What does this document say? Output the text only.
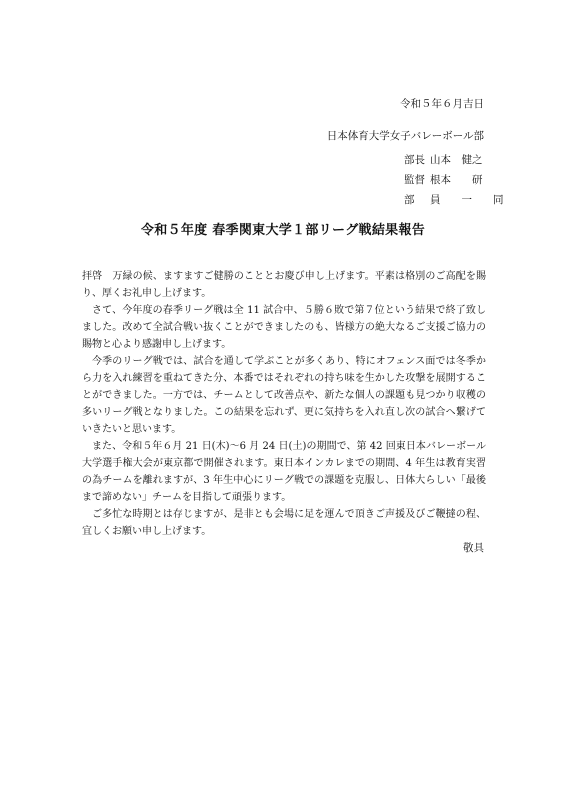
令和５年６月吉日
日本体育大学女子バレーボール部
部長 山本　健之
監督 根本　　研
部	員　　一　　同
令和５年度 春季関東大学１部リーグ戦結果報告

拝啓　万緑の候、ますますご健勝のこととお慶び申し上げます。平素は格別のご高配を賜り、厚くお礼申し上げます。

さて、今年度の春季リーグ戦は全 11 試合中、５勝６敗で第７位という結果で終了致しました。改めて全試合戦い抜くことができましたのも、皆様方の絶大なるご支援ご協力の賜物と心より感謝申し上げます。

今季のリーグ戦では、試合を通して学ぶことが多くあり、特にオフェンス面では冬季から力を入れ練習を重ねてきた分、本番ではそれぞれの持ち味を生かした攻撃を展開することができました。一方では、チームとして改善点や、新たな個人の課題も見つかり収穫の多いリーグ戦となりました。この結果を忘れず、更に気持ちを入れ直し次の試合へ繋げていきたいと思います。

また、令和５年６月 21 日(木)～6 月 24 日(土)の期間で、第 42 回東日本バレーボール大学選手権大会が東京都で開催されます。東日本インカレまでの期間、4 年生は教育実習の為チームを離れますが、3 年生中心にリーグ戦での課題を克服し、日体大らしい「最後まで諦めない」チームを目指して頑張ります。

ご多忙な時期とは存じますが、是非とも会場に足を運んで頂きご声援及びご鞭撻の程、宜しくお願い申し上げます。

敬具
